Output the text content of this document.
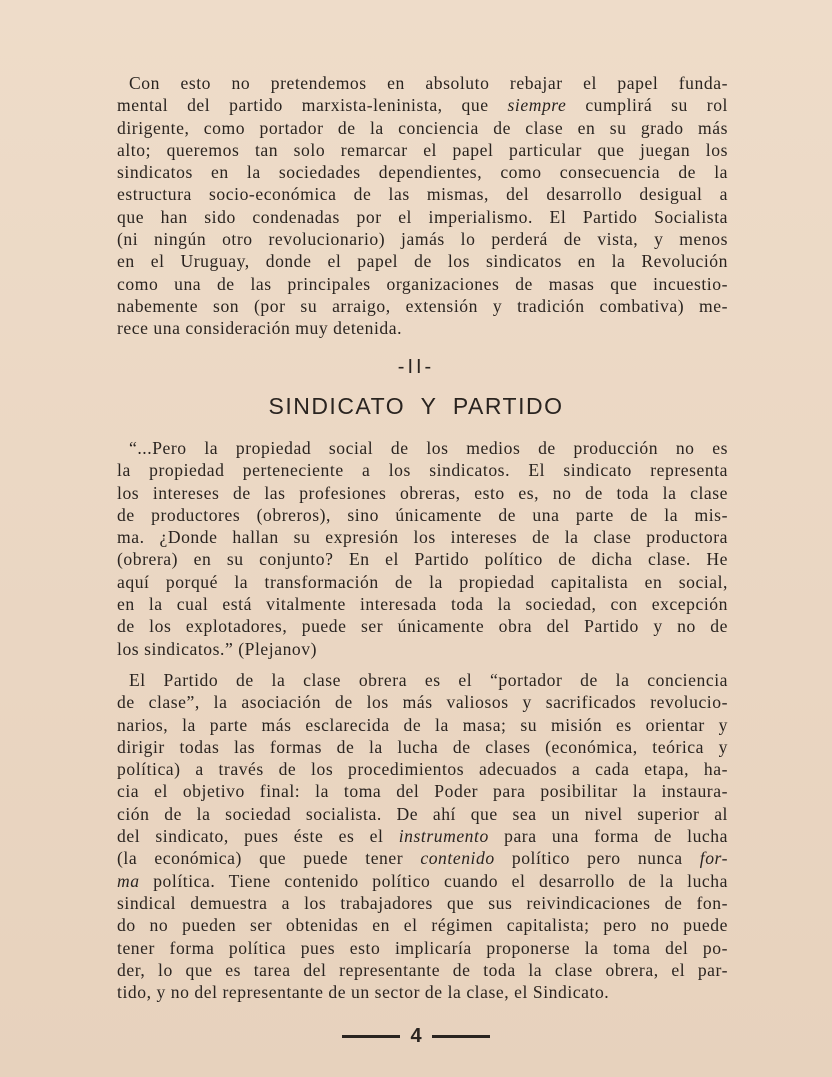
Con esto no pretendemos en absoluto rebajar el papel funda-
mental del partido marxista-leninista, que siempre cumplirá su rol
dirigente, como portador de la conciencia de clase en su grado más
alto; queremos tan solo remarcar el papel particular que juegan los
sindicatos en la sociedades dependientes, como consecuencia de la
estructura socio-económica de las mismas, del desarrollo desigual a
que han sido condenadas por el imperialismo. El Partido Socialista
(ni ningún otro revolucionario) jamás lo perderá de vista, y menos
en el Uruguay, donde el papel de los sindicatos en la Revolución
como una de las principales organizaciones de masas que incuestio-
nabemente son (por su arraigo, extensión y tradición combativa) me-
rece una consideración muy detenida.
-II-
SINDICATO Y PARTIDO
“...Pero la propiedad social de los medios de producción no es
la propiedad perteneciente a los sindicatos. El sindicato representa
los intereses de las profesiones obreras, esto es, no de toda la clase
de productores (obreros), sino únicamente de una parte de la mis-
ma. ¿Donde hallan su expresión los intereses de la clase productora
(obrera) en su conjunto? En el Partido político de dicha clase. He
aquí porqué la transformación de la propiedad capitalista en social,
en la cual está vitalmente interesada toda la sociedad, con excepción
de los explotadores, puede ser únicamente obra del Partido y no de
los sindicatos.” (Plejanov)
El Partido de la clase obrera es el “portador de la conciencia
de clase”, la asociación de los más valiosos y sacrificados revolucio-
narios, la parte más esclarecida de la masa; su misión es orientar y
dirigir todas las formas de la lucha de clases (económica, teórica y
política) a través de los procedimientos adecuados a cada etapa, ha-
cia el objetivo final: la toma del Poder para posibilitar la instaura-
ción de la sociedad socialista. De ahí que sea un nivel superior al
del sindicato, pues éste es el instrumento para una forma de lucha
(la económica) que puede tener contenido político pero nunca for-
ma política. Tiene contenido político cuando el desarrollo de la lucha
sindical demuestra a los trabajadores que sus reivindicaciones de fon-
do no pueden ser obtenidas en el régimen capitalista; pero no puede
tener forma política pues esto implicaría proponerse la toma del po-
der, lo que es tarea del representante de toda la clase obrera, el par-
tido, y no del representante de un sector de la clase, el Sindicato.
4
